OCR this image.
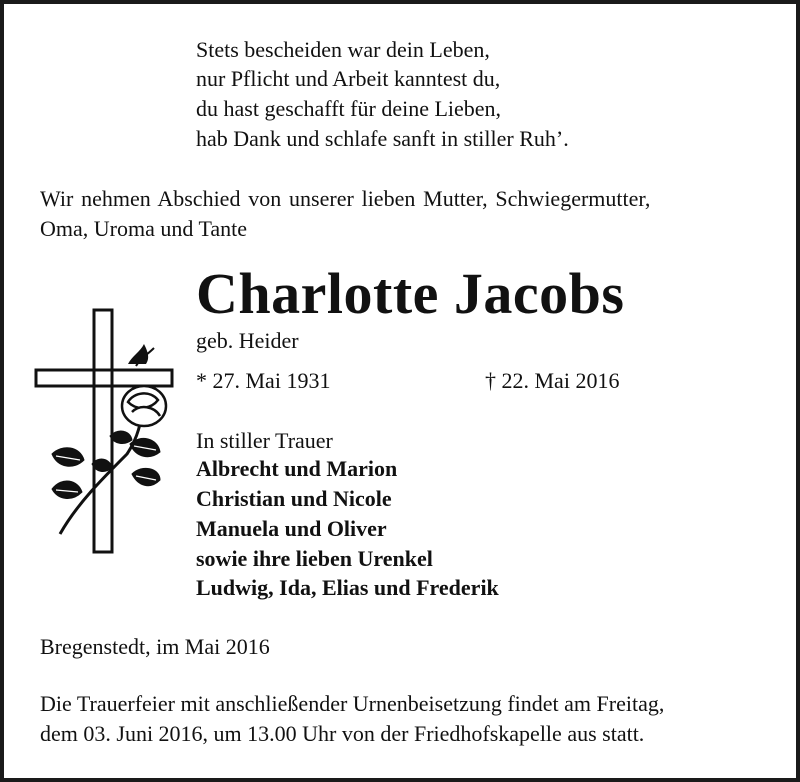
Stets bescheiden war dein Leben,
nur Pflicht und Arbeit kanntest du,
du hast geschafft für deine Lieben,
hab Dank und schlafe sanft in stiller Ruh’.
Wir nehmen Abschied von unserer lieben Mutter, Schwiegermutter,
Oma, Uroma und Tante
Charlotte Jacobs
geb. Heider
* 27. Mai 1931	† 22. Mai 2016
In stiller Trauer
Albrecht und Marion
Christian und Nicole
Manuela und Oliver
sowie ihre lieben Urenkel
Ludwig, Ida, Elias und Frederik
Bregenstedt, im Mai 2016
Die Trauerfeier mit anschließender Urnenbeisetzung findet am Freitag,
dem 03. Juni 2016, um 13.00 Uhr von der Friedhofskapelle aus statt.
